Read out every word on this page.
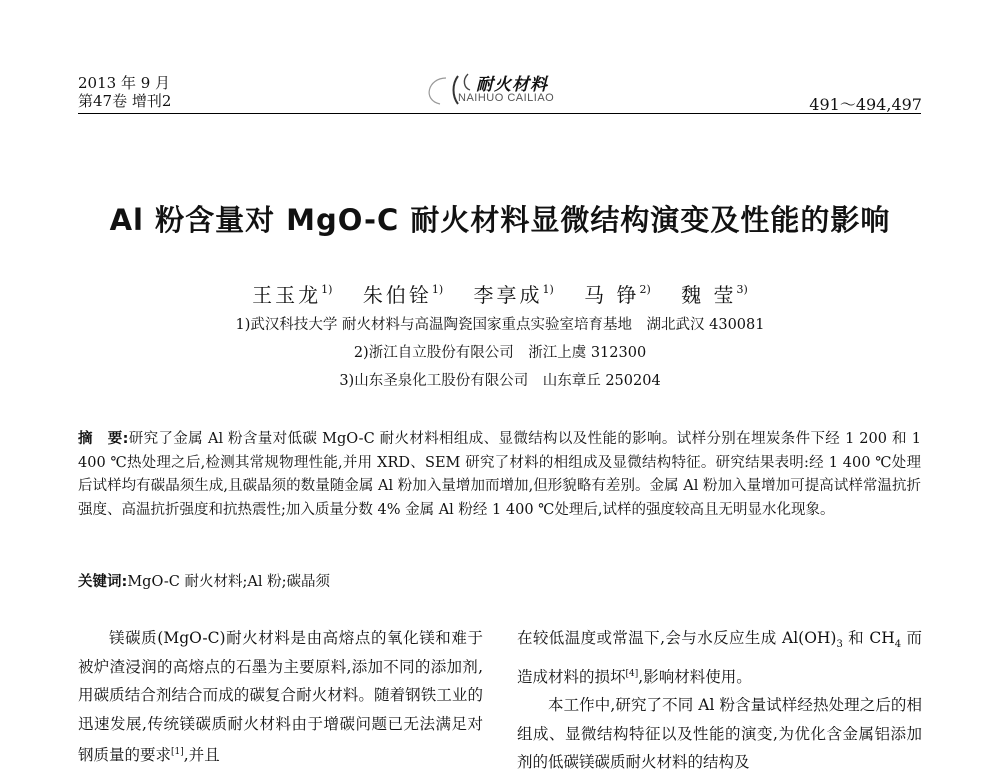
2013 年 9 月
第47卷 增刊2
耐火材料
NAIHUO CAILIAO	491～494,497
Al 粉含量对 MgO-C 耐火材料显微结构演变及性能的影响
王玉龙$^{1)}$ 朱伯铨$^{1)}$ 李享成$^{1)}$ 马 铮$^{2)}$ 魏 莹$^{3)}$
1)武汉科技大学 耐火材料与高温陶瓷国家重点实验室培育基地　湖北武汉 430081
2)浙江自立股份有限公司　浙江上虞 312300
3)山东圣泉化工股份有限公司　山东章丘 250204
摘　要:研究了金属 Al 粉含量对低碳 MgO-C 耐火材料相组成、显微结构以及性能的影响。试样分别在埋炭条件下经 1 200 和 1 400 ℃热处理之后,检测其常规物理性能,并用 XRD、SEM 研究了材料的相组成及显微结构特征。研究结果表明:经 1 400 ℃处理后试样均有碳晶须生成,且碳晶须的数量随金属 Al 粉加入量增加而增加,但形貌略有差别。金属 Al 粉加入量增加可提高试样常温抗折强度、高温抗折强度和抗热震性;加入质量分数 4% 金属 Al 粉经 1 400 ℃处理后,试样的强度较高且无明显水化现象。
关键词:MgO-C 耐火材料;Al 粉;碳晶须

镁碳质(MgO-C)耐火材料是由高熔点的氧化镁和难于被炉渣浸润的高熔点的石墨为主要原料,添加不同的添加剂,用碳质结合剂结合而成的碳复合耐火材料。随着钢铁工业的迅速发展,传统镁碳质耐火材料由于增碳问题已无法满足对钢质量的要求[1],并且

在较低温度或常温下,会与水反应生成 $Al(OH)_3$ 和 $CH_4$ 而造成材料的损坏[4],影响材料使用。

本工作中,研究了不同 Al 粉含量试样经热处理之后的相组成、显微结构特征以及性能的演变,为优化含金属铝添加剂的低碳镁碳质耐火材料的结构及
